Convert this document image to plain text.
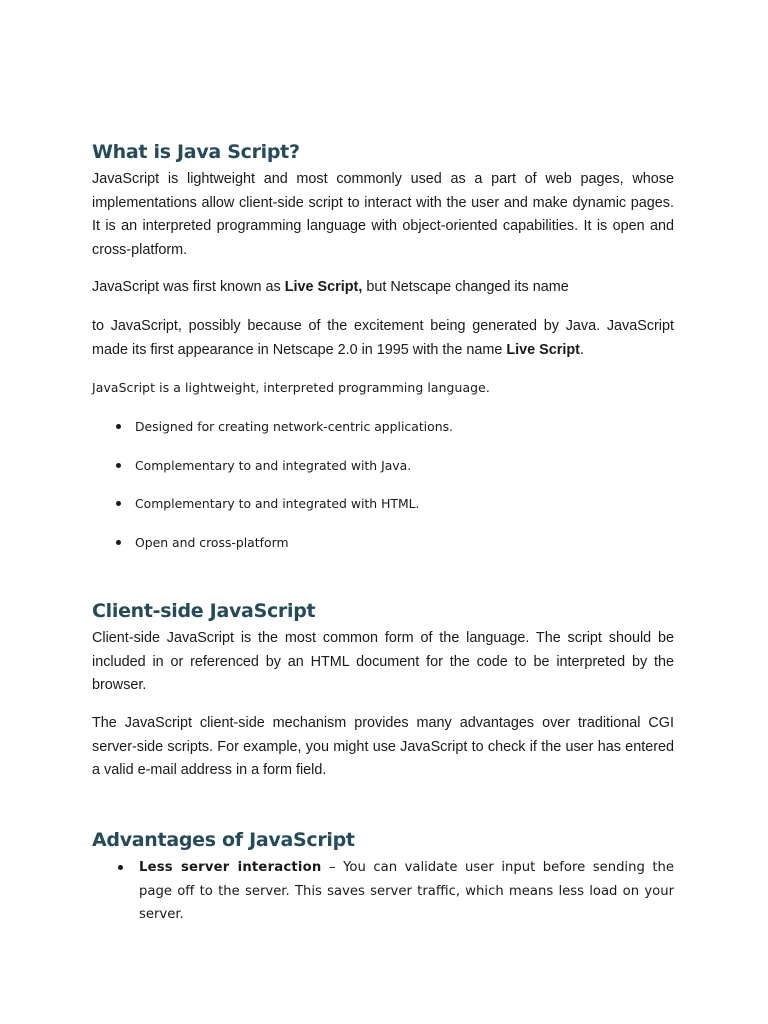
What is Java Script?

JavaScript is lightweight and most commonly used as a part of web pages, whose implementations allow client-side script to interact with the user and make dynamic pages. It is an interpreted programming language with object-oriented capabilities. It is open and cross-platform.

JavaScript was first known as Live Script, but Netscape changed its name

to JavaScript, possibly because of the excitement being generated by Java. JavaScript made its first appearance in Netscape 2.0 in 1995 with the name Live Script.

JavaScript is a lightweight, interpreted programming language.
Designed for creating network-centric applications.
Complementary to and integrated with Java.
Complementary to and integrated with HTML.
Open and cross-platform
Client-side JavaScript

Client-side JavaScript is the most common form of the language. The script should be included in or referenced by an HTML document for the code to be interpreted by the browser.

The JavaScript client-side mechanism provides many advantages over traditional CGI server-side scripts. For example, you might use JavaScript to check if the user has entered a valid e-mail address in a form field.

Advantages of JavaScript
Less server interaction – You can validate user input before sending the page off to the server. This saves server traffic, which means less load on your server.
